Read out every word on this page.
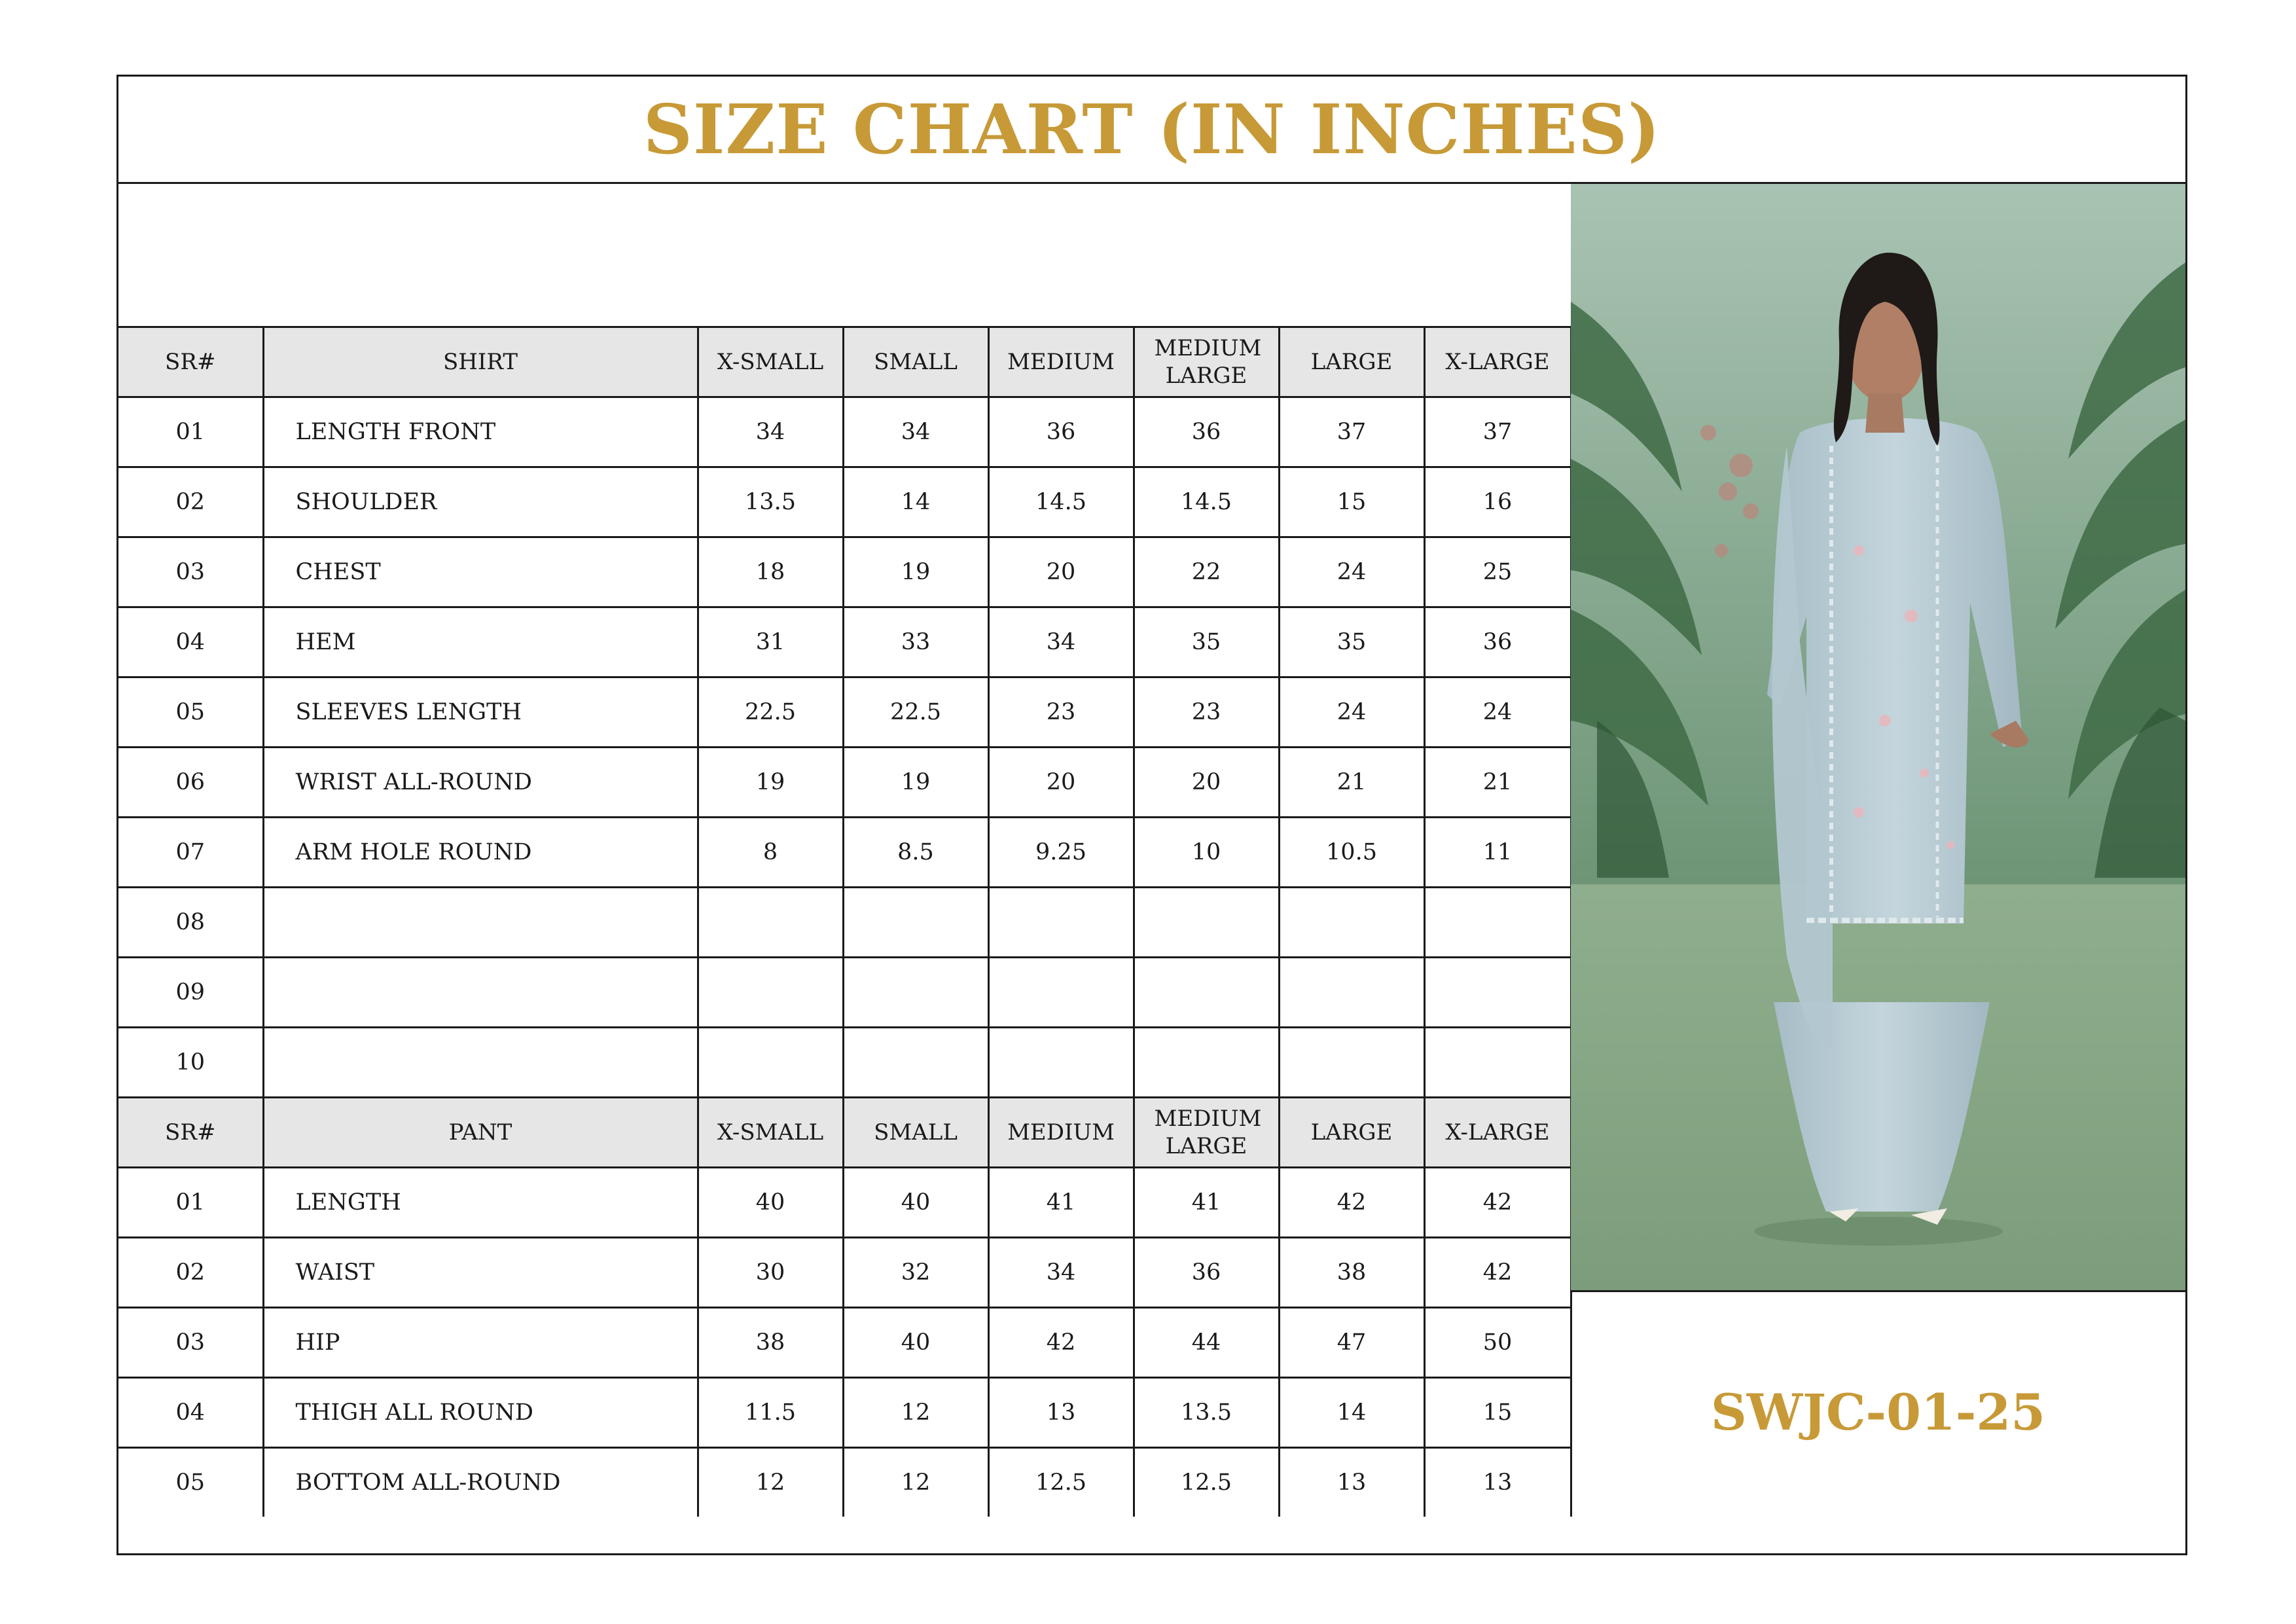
SIZE CHART (IN INCHES)
SR#	SHIRT	X-SMALL	SMALL	MEDIUM	MEDIUM LARGE	LARGE	X-LARGE
01	LENGTH FRONT	34	34	36	36	37	37
02	SHOULDER	13.5	14	14.5	14.5	15	16
03	CHEST	18	19	20	22	24	25
04	HEM	31	33	34	35	35	36
05	SLEEVES LENGTH	22.5	22.5	23	23	24	24
06	WRIST ALL-ROUND	19	19	20	20	21	21
07	ARM HOLE ROUND	8	8.5	9.25	10	10.5	11
08							
09							
10							
SR#	PANT	X-SMALL	SMALL	MEDIUM	MEDIUM LARGE	LARGE	X-LARGE
01	LENGTH	40	40	41	41	42	42
02	WAIST	30	32	34	36	38	42
03	HIP	38	40	42	44	47	50
04	THIGH ALL ROUND	11.5	12	13	13.5	14	15
05	BOTTOM ALL-ROUND	12	12	12.5	12.5	13	13
SWJC-01-25
